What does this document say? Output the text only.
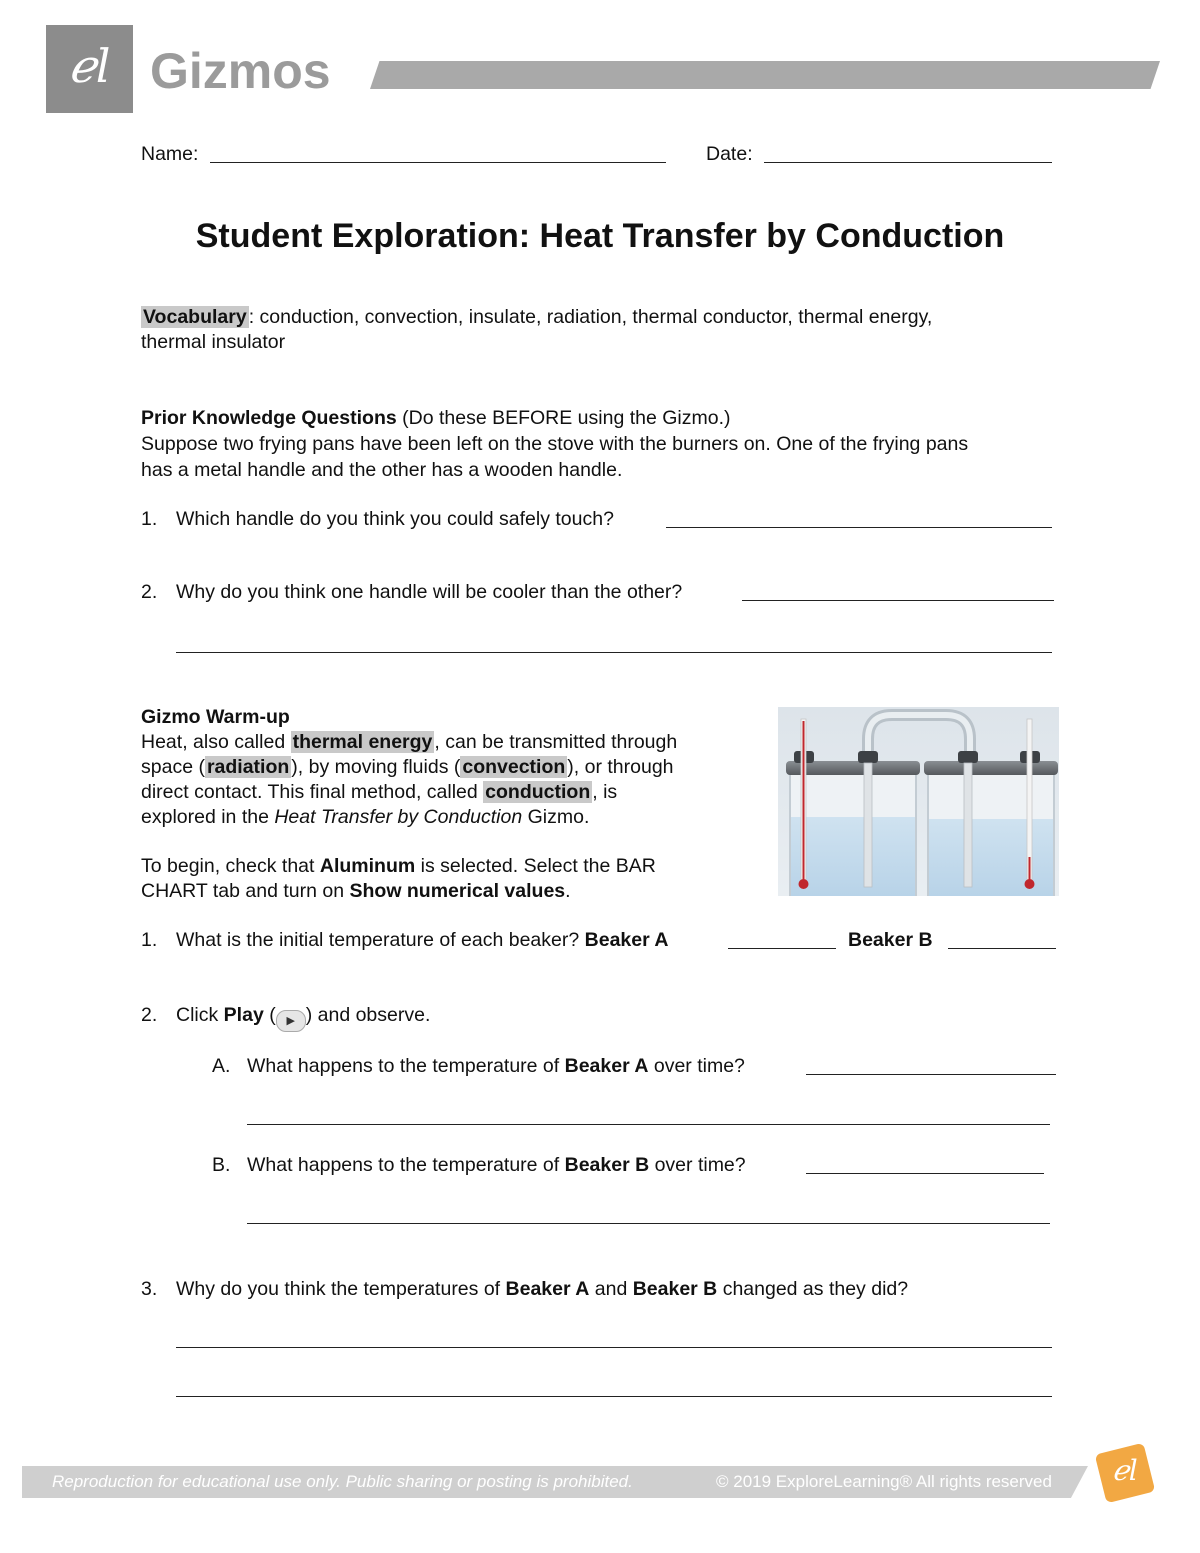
ℯl Gizmos
Name:	Date:
Student Exploration: Heat Transfer by Conduction
Vocabulary : conduction, convection, insulate, radiation, thermal conductor, thermal energy,
thermal insulator
Prior Knowledge Questions (Do these BEFORE using the Gizmo.)
Suppose two frying pans have been left on the stove with the burners on. One of the frying pans
has a metal handle and the other has a wooden handle.
1. Which handle do you think you could safely touch?
2. Why do you think one handle will be cooler than the other?
Gizmo Warm-up
Heat, also called thermal energy , can be transmitted through
space ( radiation ), by moving fluids ( convection ), or through
direct contact. This final method, called conduction , is
explored in the Heat Transfer by Conduction Gizmo.
To begin, check that Aluminum is selected. Select the BAR
CHART tab and turn on Show numerical values.
1. What is the initial temperature of each beaker? Beaker A	Beaker B
2. Click Play ( ▶ ) and observe.
A. What happens to the temperature of Beaker A over time?
B. What happens to the temperature of Beaker B over time?
3. Why do you think the temperatures of Beaker A and Beaker B changed as they did?
Reproduction for educational use only. Public sharing or posting is prohibited.	© 2019 ExploreLearning® All rights reserved	ℯl
